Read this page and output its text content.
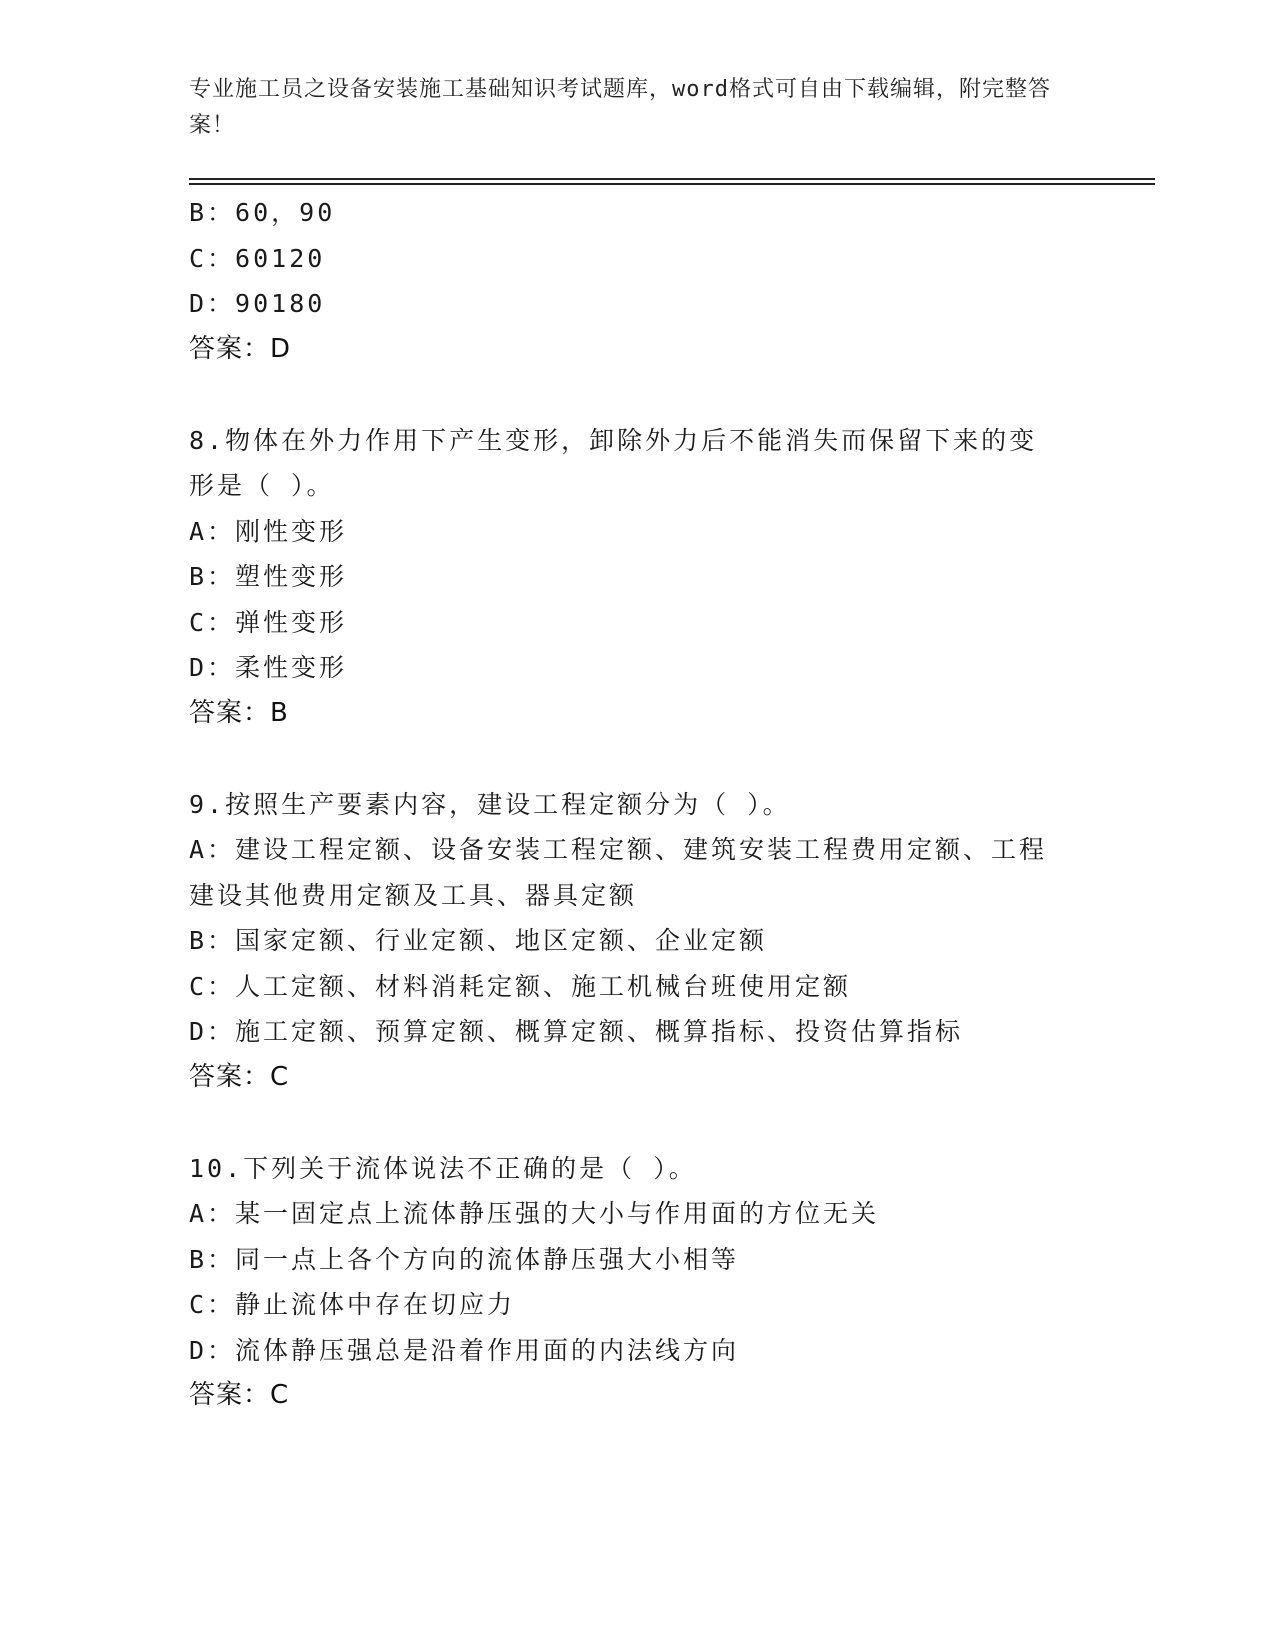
专业施工员之设备安装施工基础知识考试题库，word格式可自由下载编辑，附完整答案！
B：60，90
C：60120
D：90180
答案：D
8.物体在外力作用下产生变形，卸除外力后不能消失而保留下来的变
形是（ ）。
A：刚性变形
B：塑性变形
C：弹性变形
D：柔性变形
答案：B
9.按照生产要素内容，建设工程定额分为（ ）。
A：建设工程定额、设备安装工程定额、建筑安装工程费用定额、工程
建设其他费用定额及工具、器具定额
B：国家定额、行业定额、地区定额、企业定额
C：人工定额、材料消耗定额、施工机械台班使用定额
D：施工定额、预算定额、概算定额、概算指标、投资估算指标
答案：C
10.下列关于流体说法不正确的是（ ）。
A：某一固定点上流体静压强的大小与作用面的方位无关
B：同一点上各个方向的流体静压强大小相等
C：静止流体中存在切应力
D：流体静压强总是沿着作用面的内法线方向
答案：C
